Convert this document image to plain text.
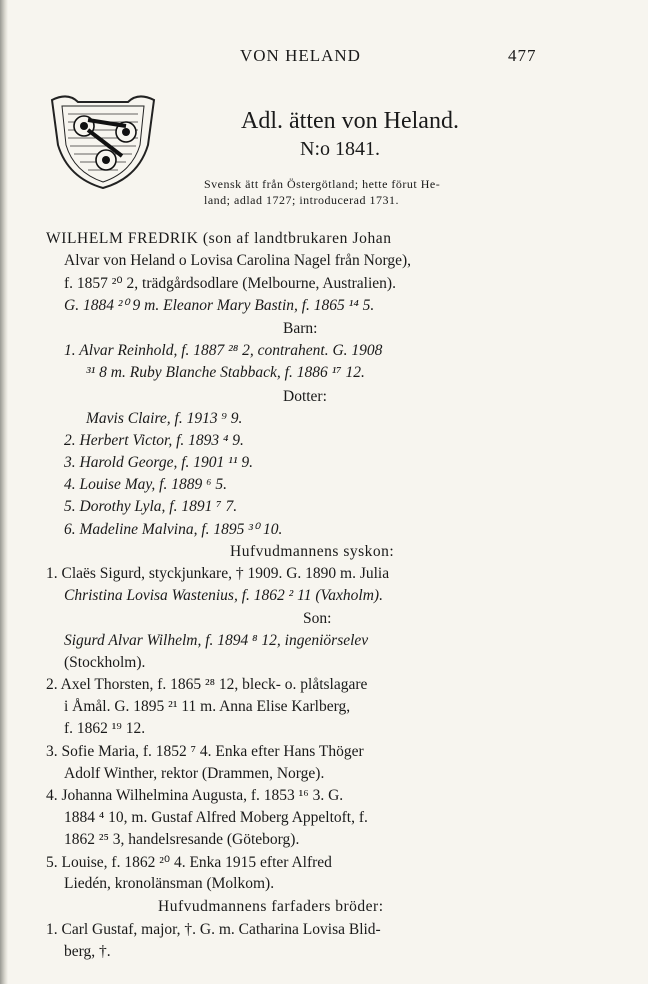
VON HELAND	477
Adl. ätten von Heland.
N:o 1841.
Svensk ätt från Östergötland; hette förut He-
land; adlad 1727; introducerad 1731.
WILHELM FREDRIK (son af landtbrukaren Johan
Alvar von Heland o Lovisa Carolina Nagel från Norge),
f. 1857 ²⁰ 2, trädgårdsodlare (Melbourne, Australien).
G. 1884 ²⁰ 9 m. Eleanor Mary Bastin, f. 1865 ¹⁴ 5.
Barn:
1. Alvar Reinhold, f. 1887 ²⁸ 2, contrahent. G. 1908
³¹ 8 m. Ruby Blanche Stabback, f. 1886 ¹⁷ 12.
Dotter:
Mavis Claire, f. 1913 ⁹ 9.
2. Herbert Victor, f. 1893 ⁴ 9.
3. Harold George, f. 1901 ¹¹ 9.
4. Louise May, f. 1889 ⁶ 5.
5. Dorothy Lyla, f. 1891 ⁷ 7.
6. Madeline Malvina, f. 1895 ³⁰ 10.
Hufvudmannens syskon:
1. Claës Sigurd, styckjunkare, † 1909. G. 1890 m. Julia
Christina Lovisa Wastenius, f. 1862 ² 11 (Vaxholm).
Son:
Sigurd Alvar Wilhelm, f. 1894 ⁸ 12, ingeniörselev
(Stockholm).
2. Axel Thorsten, f. 1865 ²⁸ 12, bleck- o. plåtslagare
i Åmål. G. 1895 ²¹ 11 m. Anna Elise Karlberg,
f. 1862 ¹⁹ 12.
3. Sofie Maria, f. 1852 ⁷ 4. Enka efter Hans Thöger
Adolf Winther, rektor (Drammen, Norge).
4. Johanna Wilhelmina Augusta, f. 1853 ¹⁶ 3. G.
1884 ⁴ 10, m. Gustaf Alfred Moberg Appeltoft, f.
1862 ²⁵ 3, handelsresande (Göteborg).
5. Louise, f. 1862 ²⁰ 4. Enka 1915 efter Alfred
Liedén, kronolänsman (Molkom).
Hufvudmannens farfaders bröder:
1. Carl Gustaf, major, †. G. m. Catharina Lovisa Blid-
berg, †.
